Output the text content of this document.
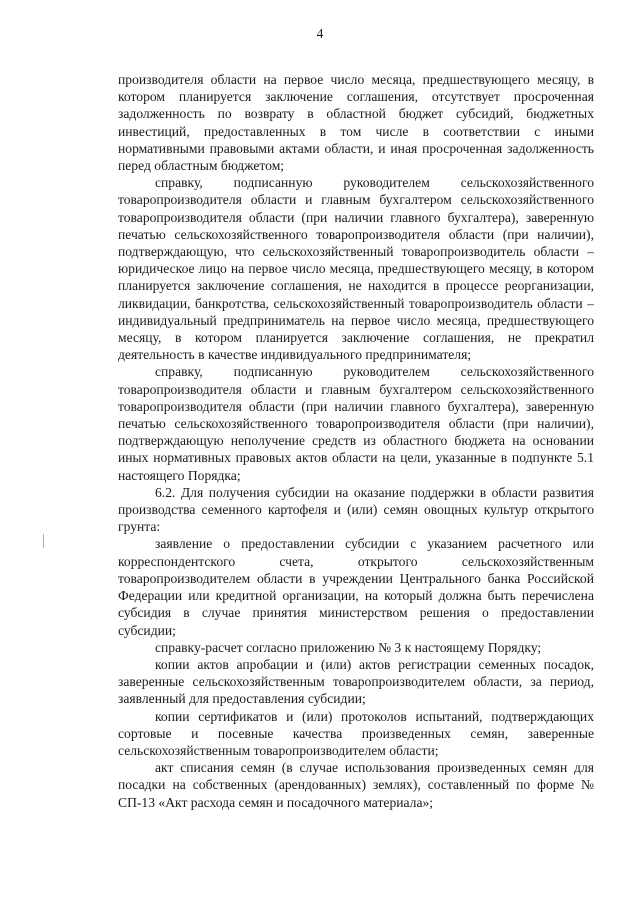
4

производителя области на первое число месяца, предшествующего месяцу, в котором планируется заключение соглашения, отсутствует просроченная задолженность по возврату в областной бюджет субсидий, бюджетных инвестиций, предоставленных в том числе в соответствии с иными нормативными правовыми актами области, и иная просроченная задолженность перед областным бюджетом;

справку, подписанную руководителем сельскохозяйственного товаропроизводителя области и главным бухгалтером сельскохозяйственного товаропроизводителя области (при наличии главного бухгалтера), заверенную печатью сельскохозяйственного товаропроизводителя области (при наличии), подтверждающую, что сельскохозяйственный товаропроизводитель области – юридическое лицо на первое число месяца, предшествующего месяцу, в котором планируется заключение соглашения, не находится в процессе реорганизации, ликвидации, банкротства, сельскохозяйственный товаропроизводитель области – индивидуальный предприниматель на первое число месяца, предшествующего месяцу, в котором планируется заключение соглашения, не прекратил деятельность в качестве индивидуального предпринимателя;

справку, подписанную руководителем сельскохозяйственного товаропроизводителя области и главным бухгалтером сельскохозяйственного товаропроизводителя области (при наличии главного бухгалтера), заверенную печатью сельскохозяйственного товаропроизводителя области (при наличии), подтверждающую неполучение средств из областного бюджета на основании иных нормативных правовых актов области на цели, указанные в подпункте 5.1 настоящего Порядка;

6.2. Для получения субсидии на оказание поддержки в области развития производства семенного картофеля и (или) семян овощных культур открытого грунта:

заявление о предоставлении субсидии с указанием расчетного или корреспондентского счета, открытого сельскохозяйственным товаропроизводителем области в учреждении Центрального банка Российской Федерации или кредитной организации, на который должна быть перечислена субсидия в случае принятия министерством решения о предоставлении субсидии;

справку-расчет согласно приложению № 3 к настоящему Порядку;

копии актов апробации и (или) актов регистрации семенных посадок, заверенные сельскохозяйственным товаропроизводителем области, за период, заявленный для предоставления субсидии;

копии сертификатов и (или) протоколов испытаний, подтверждающих сортовые и посевные качества произведенных семян, заверенные сельскохозяйственным товаропроизводителем области;

акт списания семян (в случае использования произведенных семян для посадки на собственных (арендованных) землях), составленный по форме № СП-13 «Акт расхода семян и посадочного материала»;
